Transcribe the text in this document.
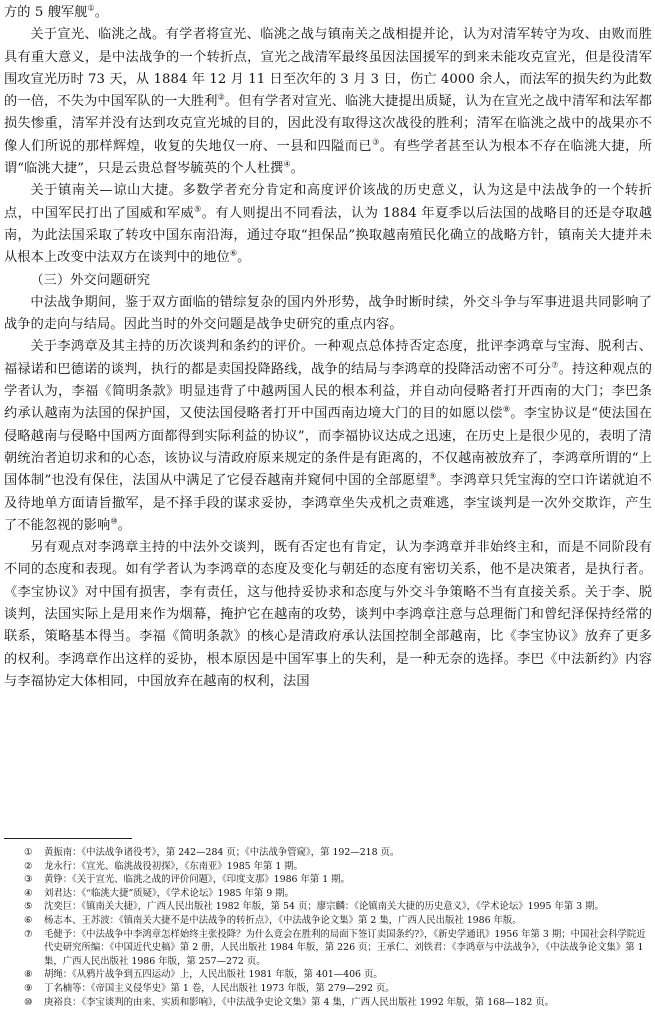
方的 5 艘军舰①。

关于宣光、临洮之战。有学者将宣光、临洮之战与镇南关之战相提并论，认为对清军转守为攻、由败而胜具有重大意义，是中法战争的一个转折点，宣光之战清军最终虽因法国援军的到来未能攻克宣光，但是役清军围攻宣光历时 73 天，从 1884 年 12 月 11 日至次年的 3 月 3 日，伤亡 4000 余人，而法军的损失约为此数的一倍，不失为中国军队的一大胜利②。但有学者对宣光、临洮大捷提出质疑，认为在宣光之战中清军和法军都损失惨重，清军并没有达到攻克宣光城的目的，因此没有取得这次战役的胜利；清军在临洮之战中的战果亦不像人们所说的那样辉煌，收复的失地仅一府、一县和四隘而已③。有些学者甚至认为根本不存在临洮大捷，所谓“临洮大捷”，只是云贵总督岑毓英的个人杜撰④。

关于镇南关—谅山大捷。多数学者充分肯定和高度评价该战的历史意义，认为这是中法战争的一个转折点，中国军民打出了国威和军威⑤。有人则提出不同看法，认为 1884 年夏季以后法国的战略目的还是夺取越南，为此法国采取了转攻中国东南沿海，通过夺取“担保品”换取越南殖民化确立的战略方针，镇南关大捷并未从根本上改变中法双方在谈判中的地位⑥。

（三）外交问题研究

中法战争期间，鉴于双方面临的错综复杂的国内外形势，战争时断时续，外交斗争与军事进退共同影响了战争的走向与结局。因此当时的外交问题是战争史研究的重点内容。

关于李鸿章及其主持的历次谈判和条约的评价。一种观点总体持否定态度，批评李鸿章与宝海、脱利古、福禄诺和巴德诺的谈判，执行的都是卖国投降路线，战争的结局与李鸿章的投降活动密不可分⑦。持这种观点的学者认为，李福《简明条款》明显违背了中越两国人民的根本利益，并自动向侵略者打开西南的大门；李巴条约承认越南为法国的保护国，又使法国侵略者打开中国西南边境大门的目的如愿以偿⑧。李宝协议是“使法国在侵略越南与侵略中国两方面都得到实际利益的协议”，而李福协议达成之迅速，在历史上是很少见的，表明了清朝统治者迫切求和的心态，该协议与清政府原来规定的条件是有距离的，不仅越南被放弃了，李鸿章所谓的“上国体制”也没有保住，法国从中满足了它侵吞越南并窥伺中国的全部愿望⑨。李鸿章只凭宝海的空口许诺就迫不及待地单方面请旨撤军，是不择手段的谋求妥协，李鸿章坐失戎机之责难逃，李宝谈判是一次外交欺诈，产生了不能忽视的影响⑩。

另有观点对李鸿章主持的中法外交谈判，既有否定也有肯定，认为李鸿章并非始终主和，而是不同阶段有不同的态度和表现。如有学者认为李鸿章的态度及变化与朝廷的态度有密切关系，他不是决策者，是执行者。《李宝协议》对中国有损害，李有责任，这与他持妥协求和态度与外交斗争策略不当有直接关系。关于李、脱谈判，法国实际上是用来作为烟幕，掩护它在越南的攻势，谈判中李鸿章注意与总理衙门和曾纪泽保持经常的联系，策略基本得当。李福《简明条款》的核心是清政府承认法国控制全部越南，比《李宝协议》放弃了更多的权利。李鸿章作出这样的妥协，根本原因是中国军事上的失利，是一种无奈的选择。李巴《中法新约》内容与李福协定大体相同，中国放弃在越南的权利，法国

①	黄振南：《中法战争诸役考》，第 242—284 页；《中法战争管窥》，第 192—218 页。
②	龙永行：《宣光、临洮战役初探》，《东南亚》1985 年第 1 期。
③	黄铮：《关于宣光、临洮之战的评价问题》，《印度支那》1986 年第 1 期。
④	刘君达：《“临洮大捷”质疑》，《学术论坛》1985 年第 9 期。
⑤	沈奕巨：《镇南关大捷》，广西人民出版社 1982 年版，第 54 页；廖宗麟：《论镇南关大捷的历史意义》，《学术论坛》1995 年第 3 期。
⑥	杨志本、王苏波：《镇南关大捷不是中法战争的转折点》，《中法战争论文集》第 2 集，广西人民出版社 1986 年版。
⑦	毛健予：《中法战争中李鸿章怎样始终主张投降？为什么竟会在胜利的局面下签订卖国条约?》，《新史学通讯》1956 年第 3 期；中国社会科学院近代史研究所编：《中国近代史稿》第 2 册，人民出版社 1984 年版，第 226 页；王承仁、刘铁君：《李鸿章与中法战争》，《中法战争论文集》第 1 集，广西人民出版社 1986 年版，第 257—272 页。
⑧	胡绳：《从鸦片战争到五四运动》上，人民出版社 1981 年版，第 401—406 页。
⑨	丁名楠等：《帝国主义侵华史》第 1 卷，人民出版社 1973 年版，第 279—292 页。
⑩	庚裕良：《李宝谈判的由来、实质和影响》，《中法战争史论文集》第 4 集，广西人民出版社 1992 年版，第 168—182 页。
